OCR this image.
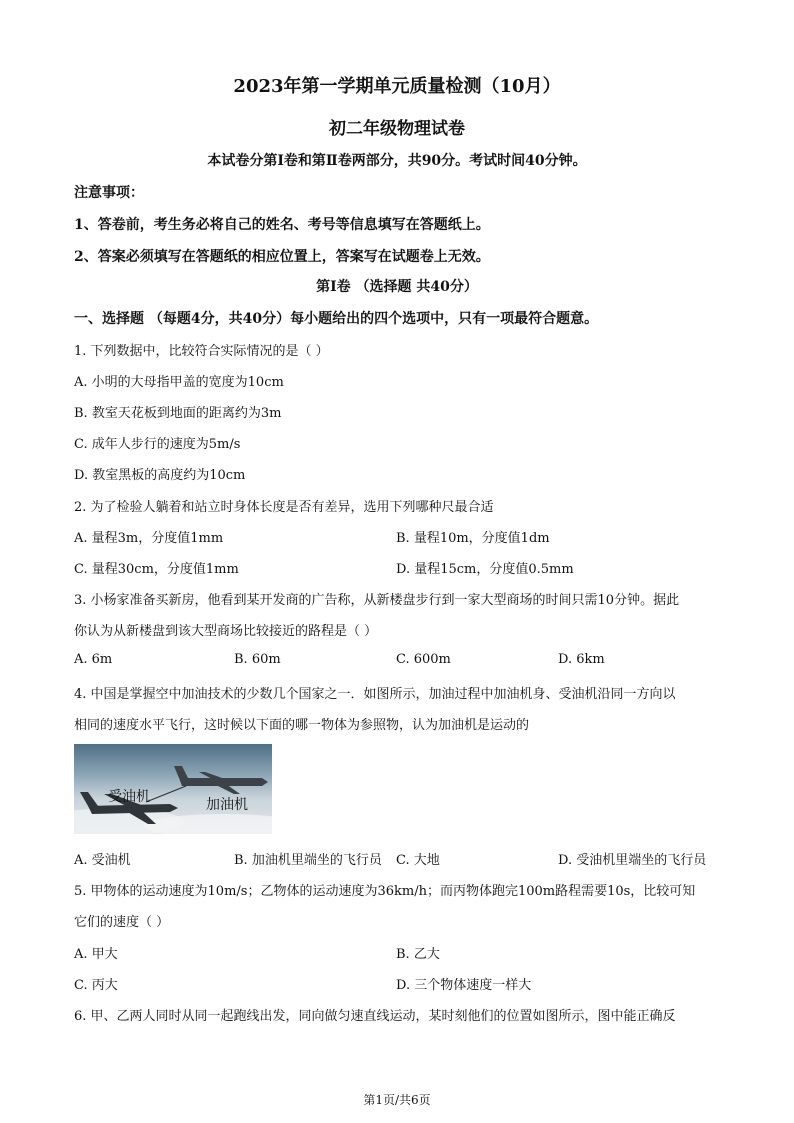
2023年第一学期单元质量检测（10月）
初二年级物理试卷
本试卷分第Ⅰ卷和第Ⅱ卷两部分，共90分。考试时间40分钟。
注意事项：
1、答卷前，考生务必将自己的姓名、考号等信息填写在答题纸上。
2、答案必须填写在答题纸的相应位置上，答案写在试题卷上无效。
第Ⅰ卷 （选择题 共40分）
一、选择题 （每题4分，共40分）每小题给出的四个选项中，只有一项最符合题意。
1. 下列数据中，比较符合实际情况的是（ ）
A. 小明的大母指甲盖的宽度为10cm
B. 教室天花板到地面的距离约为3m
C. 成年人步行的速度为5m/s
D. 教室黑板的高度约为10cm
2. 为了检验人躺着和站立时身体长度是否有差异，选用下列哪种尺最合适
A. 量程3m，分度值1mm	B. 量程10m，分度值1dm
C. 量程30cm，分度值1mm	D. 量程15cm，分度值0.5mm
3. 小杨家准备买新房，他看到某开发商的广告称，从新楼盘步行到一家大型商场的时间只需10分钟。据此
你认为从新楼盘到该大型商场比较接近的路程是（ ）
A. 6m	B. 60m	C. 600m	D. 6km
4. 中国是掌握空中加油技术的少数几个国家之一．如图所示，加油过程中加油机身、受油机沿同一方向以
相同的速度水平飞行，这时候以下面的哪一物体为参照物，认为加油机是运动的
受油机	加油机
A. 受油机	B. 加油机里端坐的飞行员 C. 大地	D. 受油机里端坐的飞行员
5. 甲物体的运动速度为10m/s；乙物体的运动速度为36km/h；而丙物体跑完100m路程需要10s，比较可知
它们的速度（ ）
A. 甲大	B. 乙大
C. 丙大	D. 三个物体速度一样大
6. 甲、乙两人同时从同一起跑线出发，同向做匀速直线运动，某时刻他们的位置如图所示，图中能正确反
第1页/共6页
